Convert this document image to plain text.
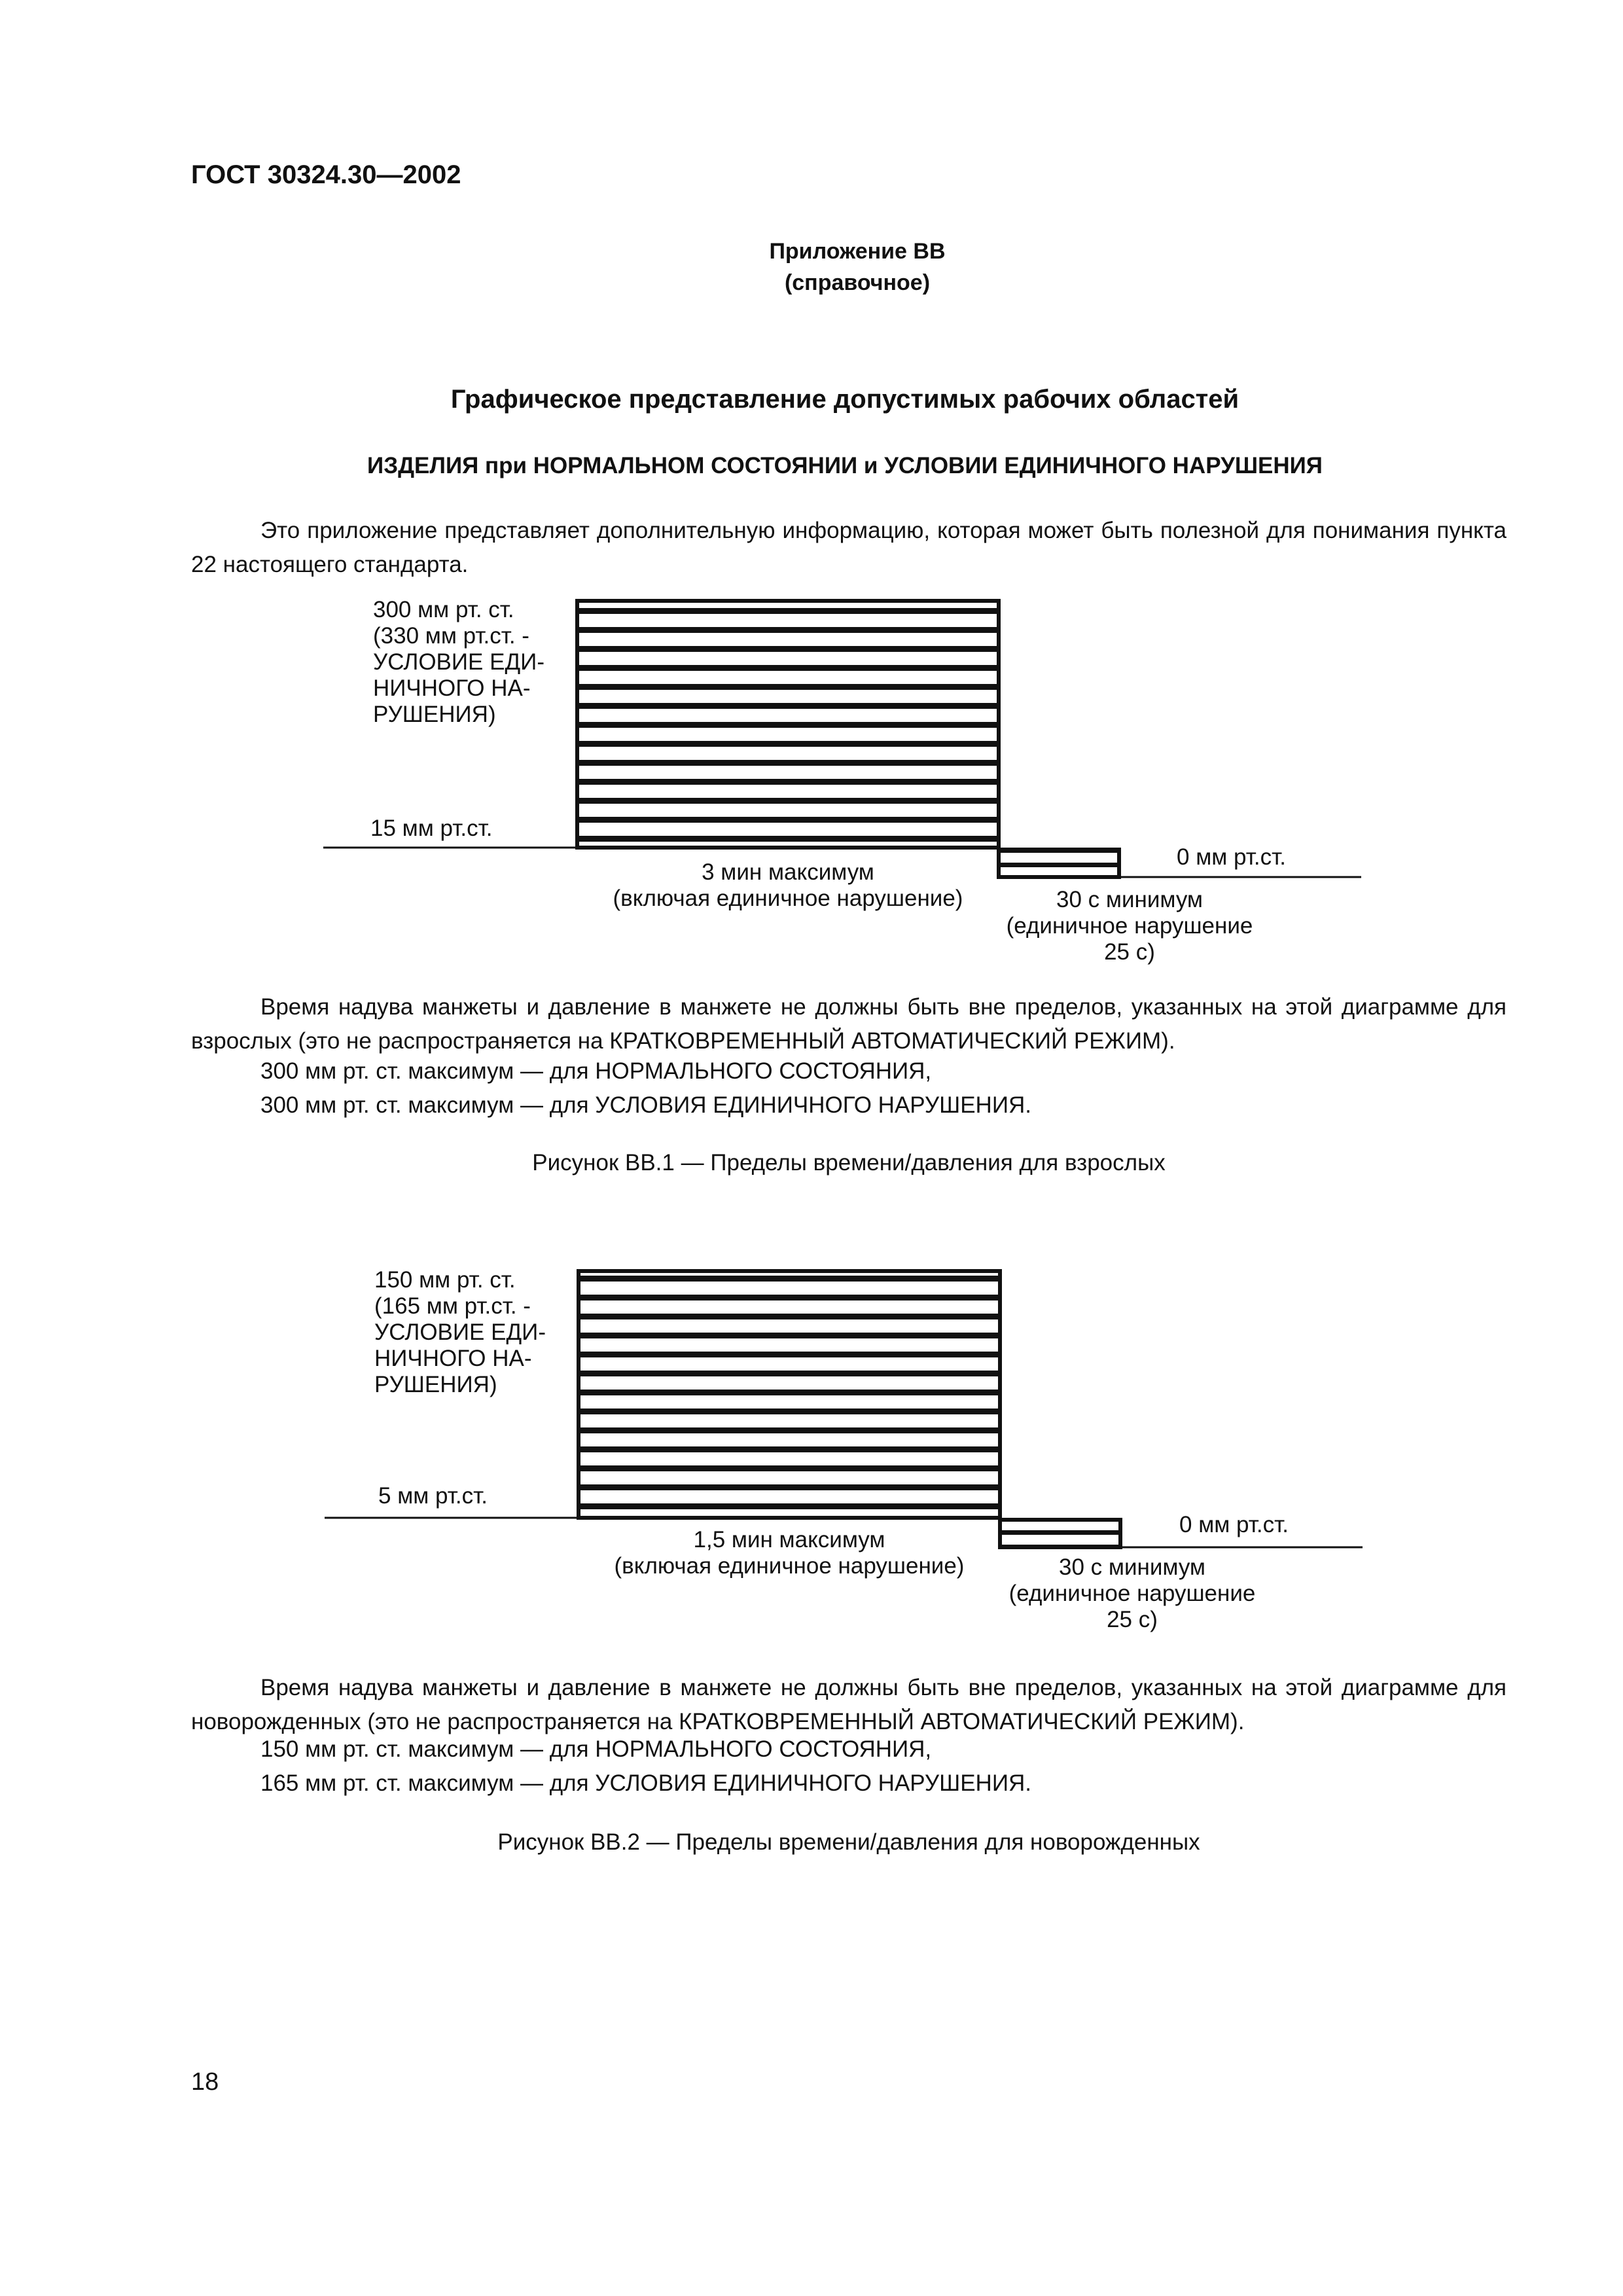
ГОСТ 30324.30—2002
Приложение ВВ
(справочное)
Графическое представление допустимых рабочих областей
ИЗДЕЛИЯ при НОРМАЛЬНОМ СОСТОЯНИИ и УСЛОВИИ ЕДИНИЧНОГО НАРУШЕНИЯ
Это приложение представляет дополнительную информацию, которая может быть полезной для понимания пункта 22 настоящего стандарта.
300 мм рт. ст.
(330 мм рт.ст. -
УСЛОВИЕ ЕДИ-
НИЧНОГО НА-
РУШЕНИЯ)
15 мм рт.ст.
0 мм рт.ст.
3 мин максимум
(включая единичное нарушение)	30 с минимум
(единичное нарушение
25 с)
Время надува манжеты и давление в манжете не должны быть вне пределов, указанных на этой диаграмме для взрослых (это не распространяется на КРАТКОВРЕМЕННЫЙ АВТОМАТИЧЕСКИЙ РЕЖИМ).
300 мм рт. ст. максимум — для НОРМАЛЬНОГО СОСТОЯНИЯ,
300 мм рт. ст. максимум — для УСЛОВИЯ ЕДИНИЧНОГО НАРУШЕНИЯ.
Рисунок ВВ.1 — Пределы времени/давления для взрослых
150 мм рт. ст.
(165 мм рт.ст. -
УСЛОВИЕ ЕДИ-
НИЧНОГО НА-
РУШЕНИЯ)
5 мм рт.ст.
0 мм рт.ст.
1,5 мин максимум
(включая единичное нарушение)	30 с минимум
(единичное нарушение
25 с)
Время надува манжеты и давление в манжете не должны быть вне пределов, указанных на этой диаграмме для новорожденных (это не распространяется на КРАТКОВРЕМЕННЫЙ АВТОМАТИЧЕСКИЙ РЕЖИМ).
150 мм рт. ст. максимум — для НОРМАЛЬНОГО СОСТОЯНИЯ,
165 мм рт. ст. максимум — для УСЛОВИЯ ЕДИНИЧНОГО НАРУШЕНИЯ.
Рисунок ВВ.2 — Пределы времени/давления для новорожденных
18
